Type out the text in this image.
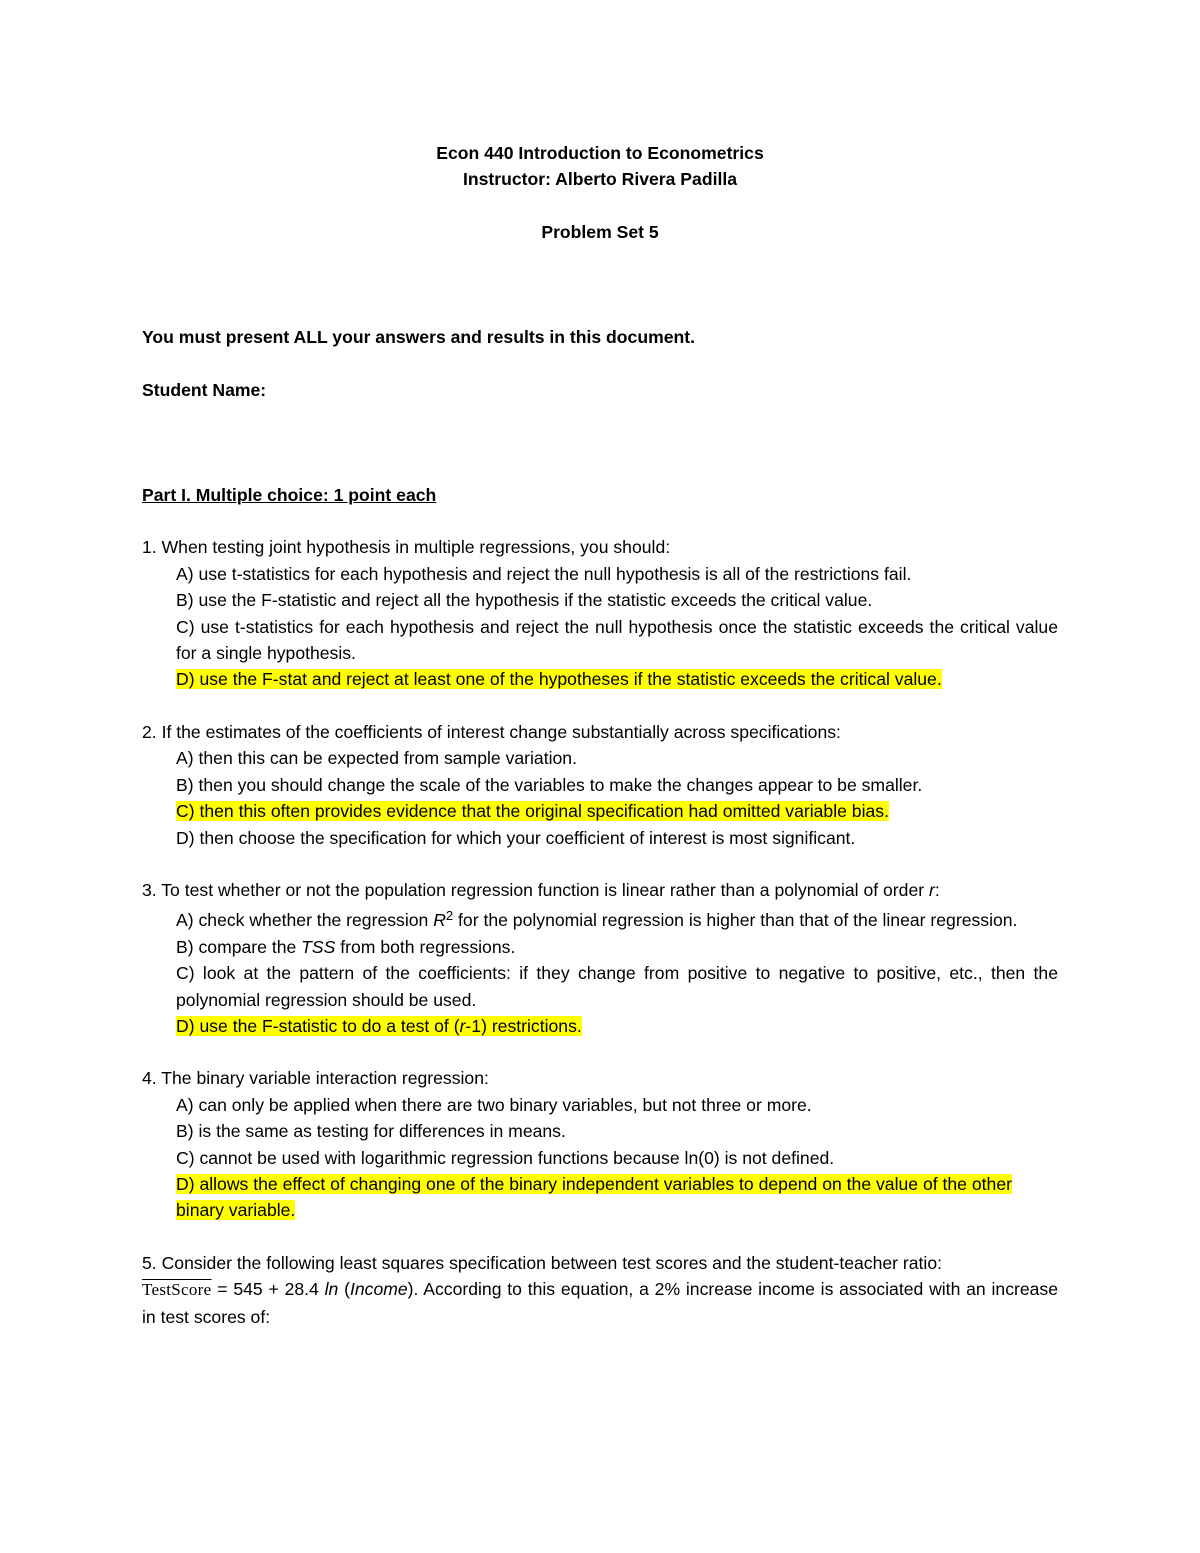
Econ 440 Introduction to Econometrics
Instructor: Alberto Rivera Padilla
Problem Set 5
You must present ALL your answers and results in this document.
Student Name:
Part I. Multiple choice: 1 point each

1. When testing joint hypothesis in multiple regressions, you should:

A) use t-statistics for each hypothesis and reject the null hypothesis is all of the restrictions fail.

B) use the F-statistic and reject all the hypothesis if the statistic exceeds the critical value.

C) use t-statistics for each hypothesis and reject the null hypothesis once the statistic exceeds the critical value for a single hypothesis.

D) use the F-stat and reject at least one of the hypotheses if the statistic exceeds the critical value.

2. If the estimates of the coefficients of interest change substantially across specifications:

A) then this can be expected from sample variation.

B) then you should change the scale of the variables to make the changes appear to be smaller.

C) then this often provides evidence that the original specification had omitted variable bias.

D) then choose the specification for which your coefficient of interest is most significant.

3. To test whether or not the population regression function is linear rather than a polynomial of order r:

A) check whether the regression $R^2$ for the polynomial regression is higher than that of the linear regression.

B) compare the TSS from both regressions.

C) look at the pattern of the coefficients: if they change from positive to negative to positive, etc., then the polynomial regression should be used.

D) use the F-statistic to do a test of (r-1) restrictions.

4. The binary variable interaction regression:

A) can only be applied when there are two binary variables, but not three or more.

B) is the same as testing for differences in means.

C) cannot be used with logarithmic regression functions because ln(0) is not defined.

D) allows the effect of changing one of the binary independent variables to depend on the value of the other binary variable.

5. Consider the following least squares specification between test scores and the student-teacher ratio:

TestScore = 545 + 28.4 ln (Income). According to this equation, a 2% increase income is associated with an increase in test scores of:
